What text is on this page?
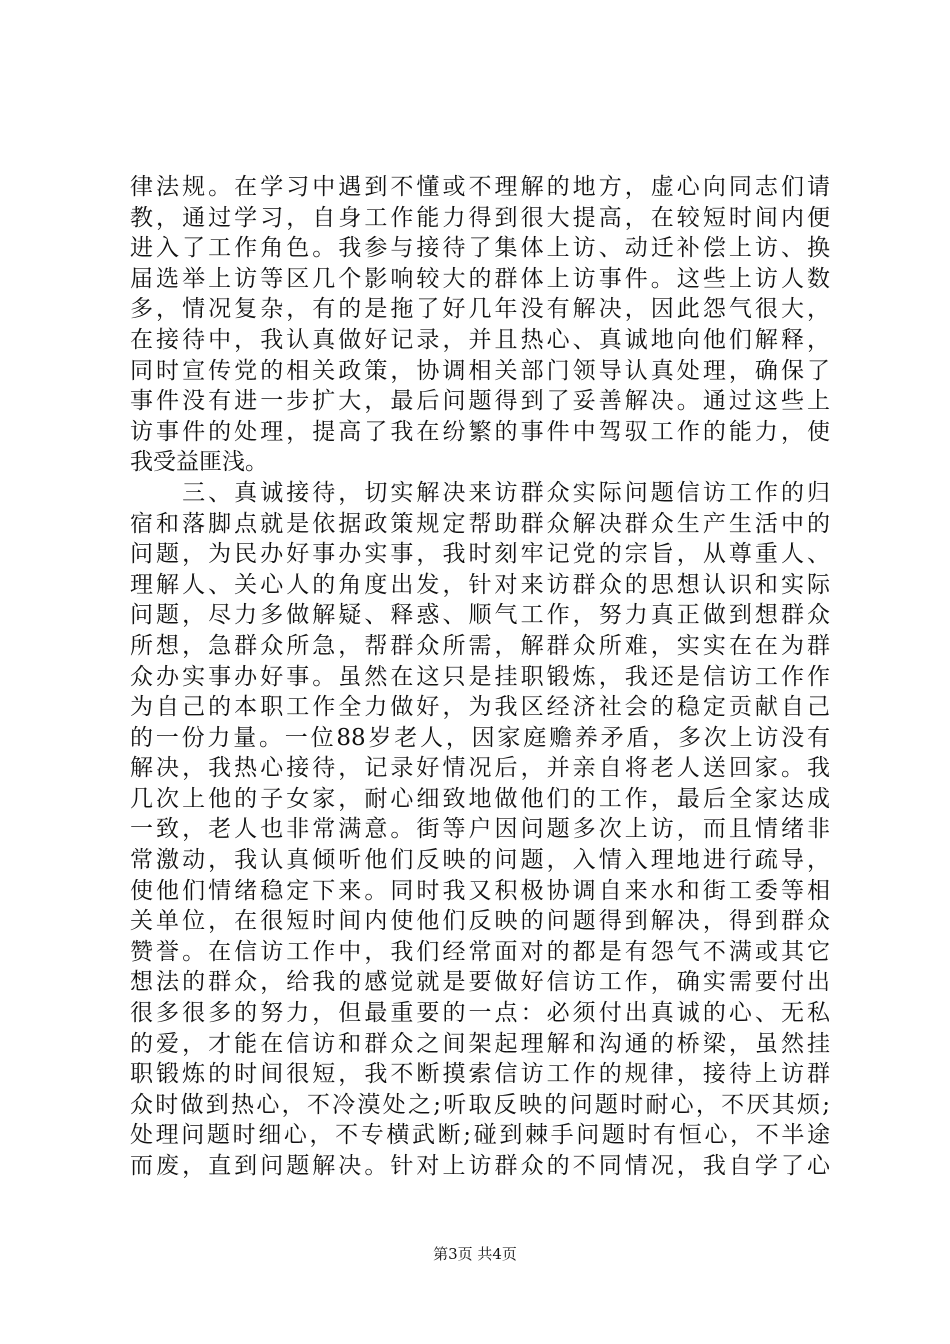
律法规。在学习中遇到不懂或不理解的地方，虚心向同志们请
教，通过学习，自身工作能力得到很大提高，在较短时间内便
进入了工作角色。我参与接待了集体上访、动迁补偿上访、换
届选举上访等区几个影响较大的群体上访事件。这些上访人数
多，情况复杂，有的是拖了好几年没有解决，因此怨气很大，
在接待中，我认真做好记录，并且热心、真诚地向他们解释，
同时宣传党的相关政策，协调相关部门领导认真处理，确保了
事件没有进一步扩大，最后问题得到了妥善解决。通过这些上
访事件的处理，提高了我在纷繁的事件中驾驭工作的能力，使
我受益匪浅。
　　三、真诚接待，切实解决来访群众实际问题信访工作的归
宿和落脚点就是依据政策规定帮助群众解决群众生产生活中的
问题，为民办好事办实事，我时刻牢记党的宗旨，从尊重人、
理解人、关心人的角度出发，针对来访群众的思想认识和实际
问题，尽力多做解疑、释惑、顺气工作，努力真正做到想群众
所想，急群众所急，帮群众所需，解群众所难，实实在在为群
众办实事办好事。虽然在这只是挂职锻炼，我还是信访工作作
为自己的本职工作全力做好，为我区经济社会的稳定贡献自己
的一份力量。一位88岁老人，因家庭赡养矛盾，多次上访没有
解决，我热心接待，记录好情况后，并亲自将老人送回家。我
几次上他的子女家，耐心细致地做他们的工作，最后全家达成
一致，老人也非常满意。街等户因问题多次上访，而且情绪非
常激动，我认真倾听他们反映的问题，入情入理地进行疏导，
使他们情绪稳定下来。同时我又积极协调自来水和街工委等相
关单位，在很短时间内使他们反映的问题得到解决，得到群众
赞誉。在信访工作中，我们经常面对的都是有怨气不满或其它
想法的群众，给我的感觉就是要做好信访工作，确实需要付出
很多很多的努力，但最重要的一点：必须付出真诚的心、无私
的爱，才能在信访和群众之间架起理解和沟通的桥梁，虽然挂
职锻炼的时间很短，我不断摸索信访工作的规律，接待上访群
众时做到热心，不冷漠处之;听取反映的问题时耐心，不厌其烦;
处理问题时细心，不专横武断;碰到棘手问题时有恒心，不半途
而废，直到问题解决。针对上访群众的不同情况，我自学了心
第3页 共4页
